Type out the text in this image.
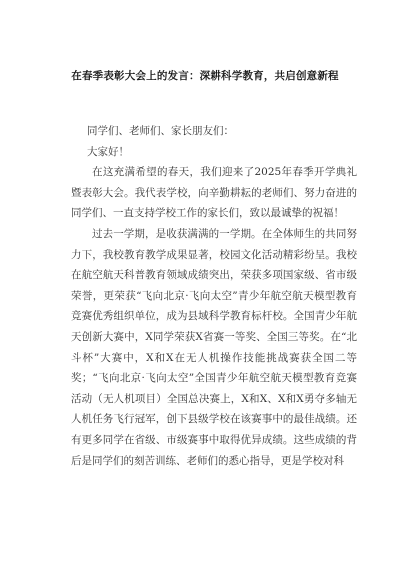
在春季表彰大会上的发言：深耕科学教育，共启创意新程

同学们、老师们、家长朋友们：

大家好！

在这充满希望的春天，我们迎来了2025年春季开学典礼暨表彰大会。我代表学校，向辛勤耕耘的老师们、努力奋进的同学们、一直支持学校工作的家长们，致以最诚挚的祝福！

过去一学期，是收获满满的一学期。在全体师生的共同努力下，我校教育教学成果显著，校园文化活动精彩纷呈。我校在航空航天科普教育领域成绩突出，荣获多项国家级、省市级荣誉，更荣获“飞向北京·飞向太空”青少年航空航天模型教育竞赛优秀组织单位，成为县域科学教育标杆校。全国青少年航天创新大赛中，X同学荣获X省赛一等奖、全国三等奖。在“北斗杯”大赛中，X和X在无人机操作技能挑战赛获全国二等奖；“飞向北京·飞向太空”全国青少年航空航天模型教育竞赛活动（无人机项目）全国总决赛上，X和X、X和X勇夺多轴无人机任务飞行冠军，创下县级学校在该赛事中的最佳战绩。还有更多同学在省级、市级赛事中取得优异成绩。这些成绩的背后是同学们的刻苦训练、老师们的悉心指导，更是学校对科
